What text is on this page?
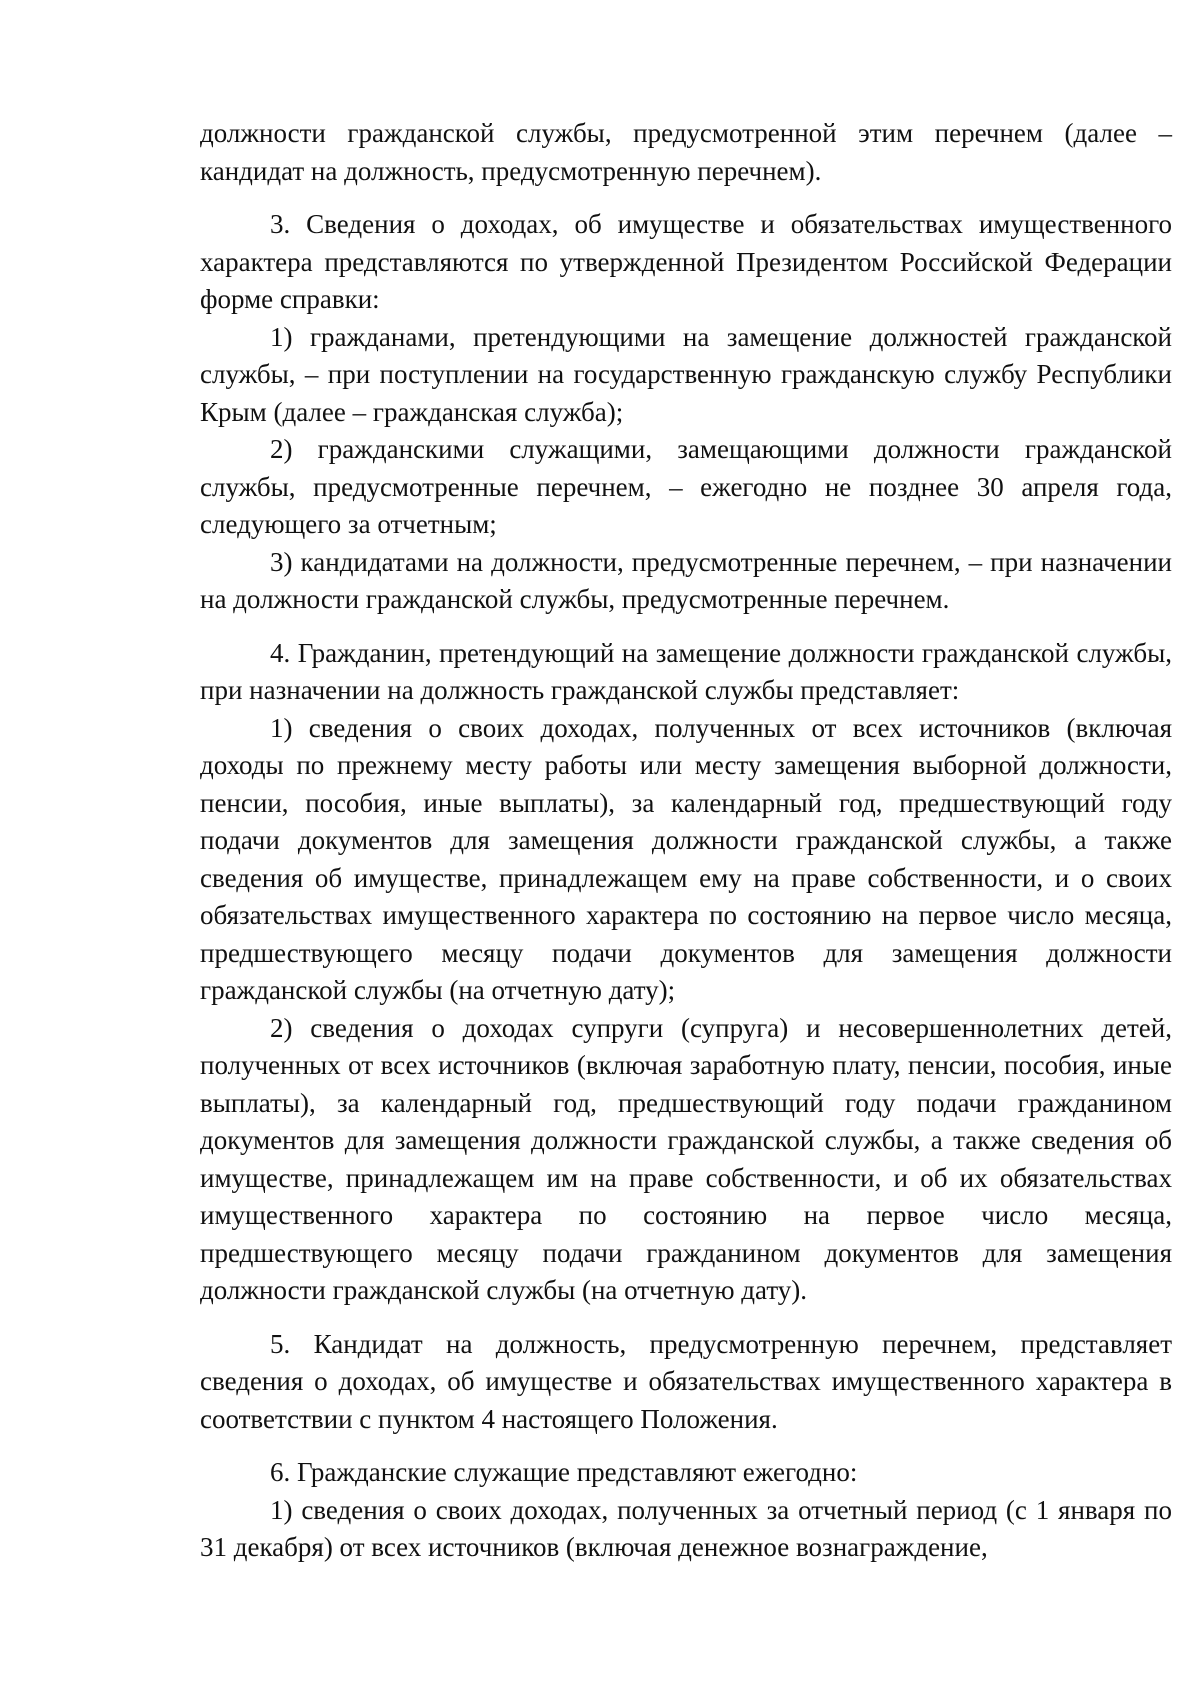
должности гражданской службы, предусмотренной этим перечнем (далее – кандидат на должность, предусмотренную перечнем).

3. Сведения о доходах, об имуществе и обязательствах имущественного характера представляются по утвержденной Президентом Российской Федерации форме справки:

1) гражданами, претендующими на замещение должностей гражданской службы, – при поступлении на государственную гражданскую службу Республики Крым (далее – гражданская служба);

2) гражданскими служащими, замещающими должности гражданской службы, предусмотренные перечнем, – ежегодно не позднее 30 апреля года, следующего за отчетным;

3) кандидатами на должности, предусмотренные перечнем, – при назначении на должности гражданской службы, предусмотренные перечнем.

4. Гражданин, претендующий на замещение должности гражданской службы, при назначении на должность гражданской службы представляет:

1) сведения о своих доходах, полученных от всех источников (включая доходы по прежнему месту работы или месту замещения выборной должности, пенсии, пособия, иные выплаты), за календарный год, предшествующий году подачи документов для замещения должности гражданской службы, а также сведения об имуществе, принадлежащем ему на праве собственности, и о своих обязательствах имущественного характера по состоянию на первое число месяца, предшествующего месяцу подачи документов для замещения должности гражданской службы (на отчетную дату);

2) сведения о доходах супруги (супруга) и несовершеннолетних детей, полученных от всех источников (включая заработную плату, пенсии, пособия, иные выплаты), за календарный год, предшествующий году подачи гражданином документов для замещения должности гражданской службы, а также сведения об имуществе, принадлежащем им на праве собственности, и об их обязательствах имущественного характера по состоянию на первое число месяца, предшествующего месяцу подачи гражданином документов для замещения должности гражданской службы (на отчетную дату).

5. Кандидат на должность, предусмотренную перечнем, представляет сведения о доходах, об имуществе и обязательствах имущественного характера в соответствии с пунктом 4 настоящего Положения.

6. Гражданские служащие представляют ежегодно:

1) сведения о своих доходах, полученных за отчетный период (с 1 января по 31 декабря) от всех источников (включая денежное вознаграждение,
